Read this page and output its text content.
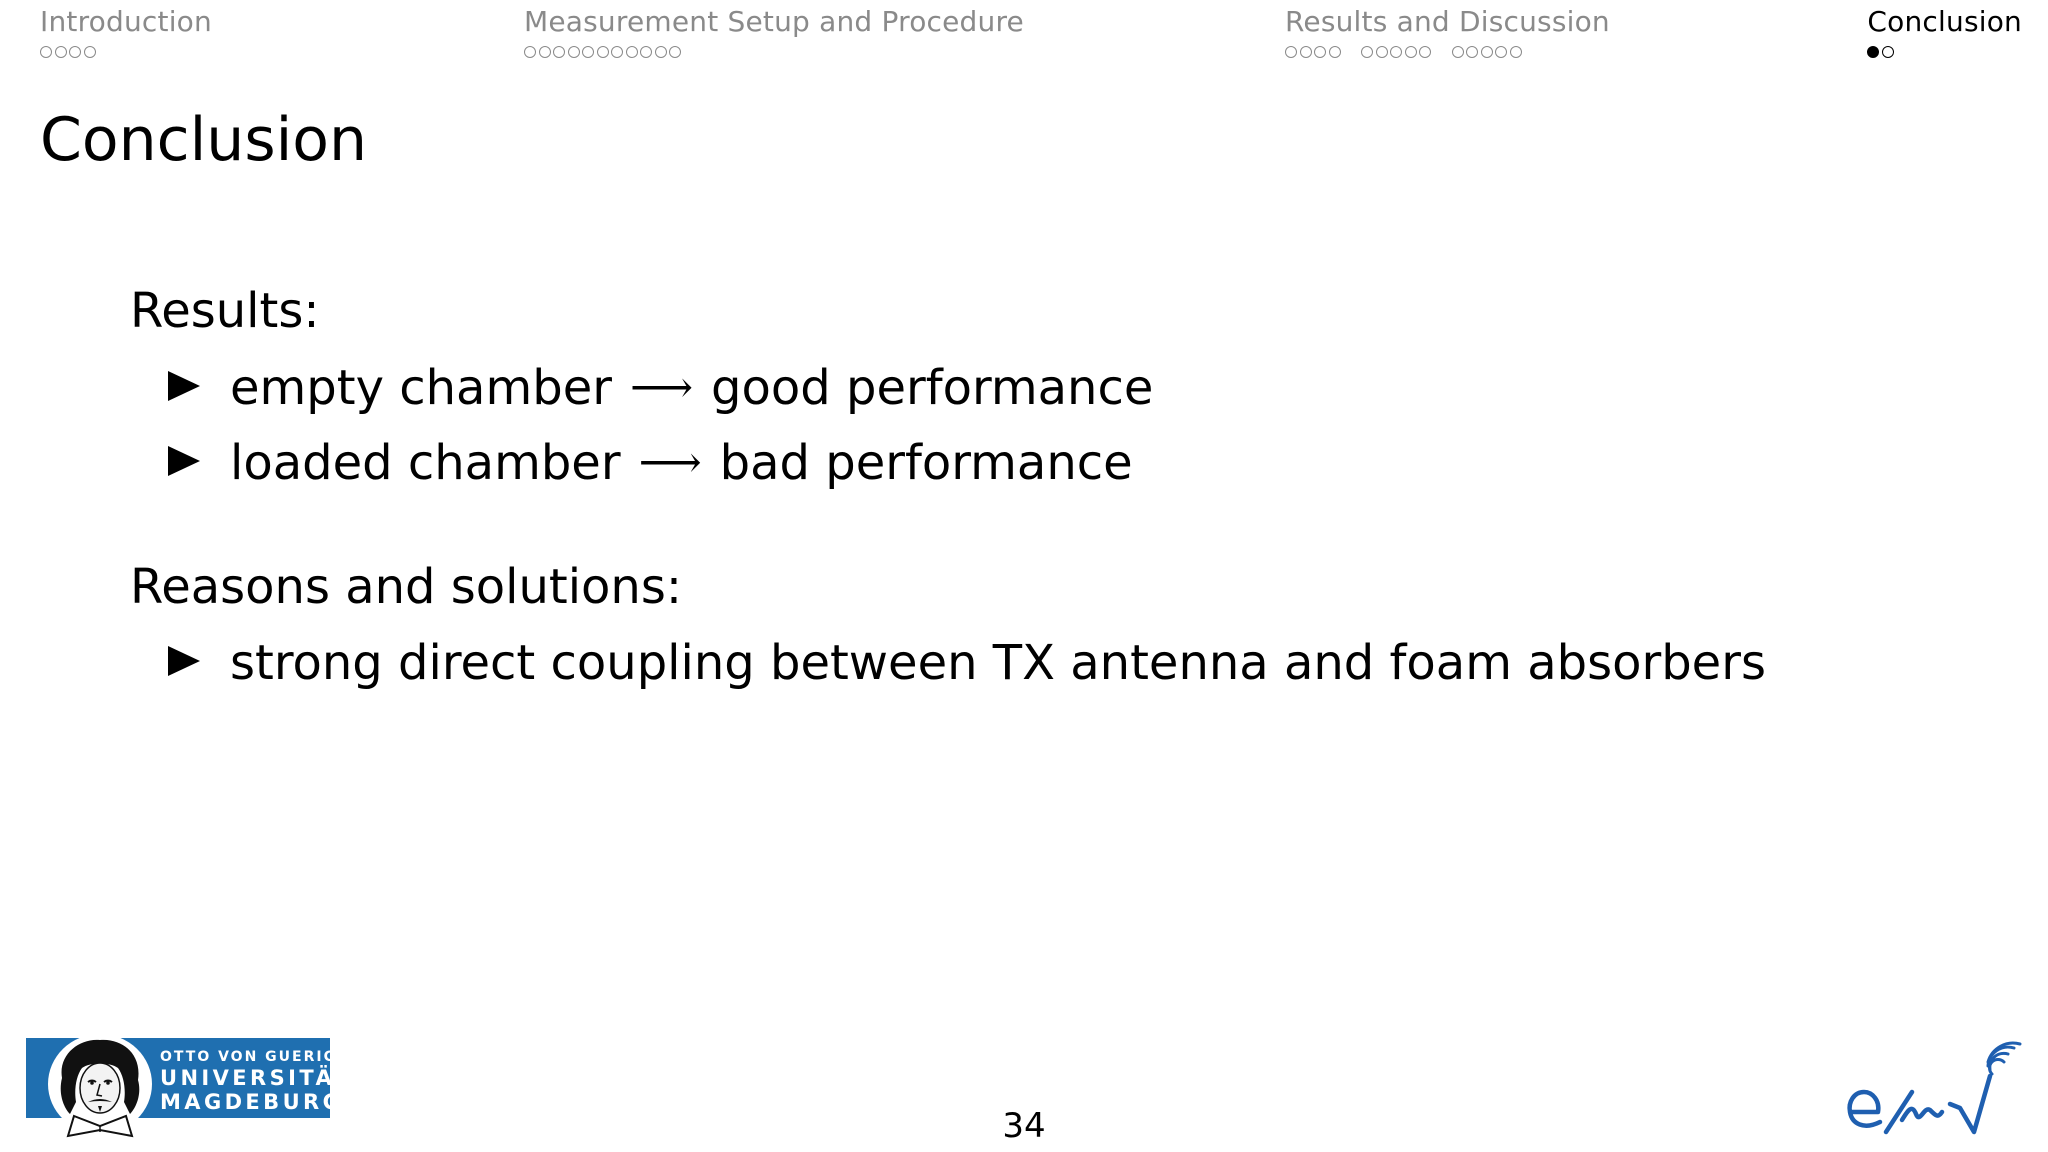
Introduction	Measurement Setup and Procedure	Results and Discussion	Conclusion
Conclusion
Results:
empty chamber ⟶ good performance
loaded chamber ⟶ bad performance
Reasons and solutions:
strong direct coupling between TX antenna and foam absorbers
OTTO VON GUERICKE
UNIVERSITÄT
MAGDEBURG
34
